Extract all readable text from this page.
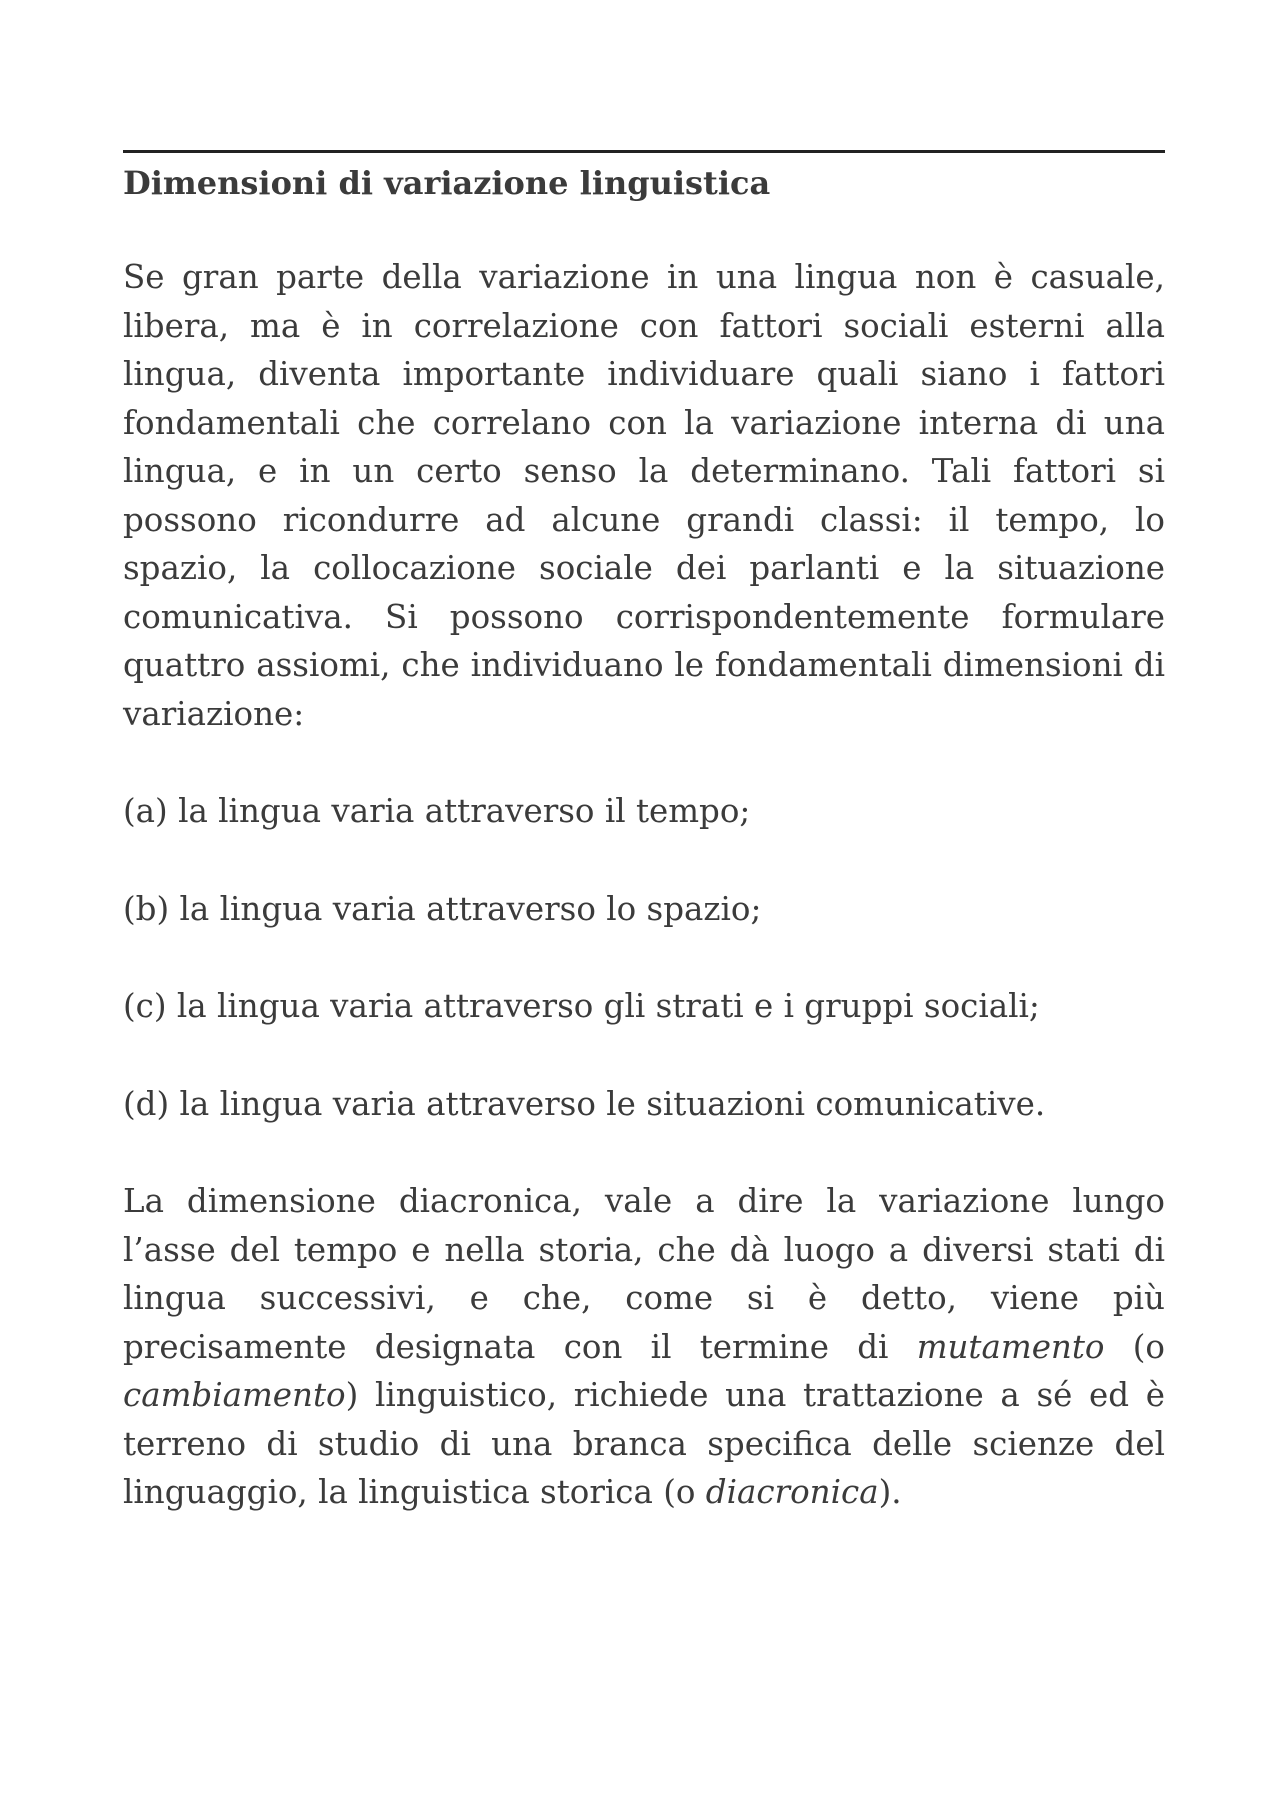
Dimensioni di variazione linguistica

Se gran parte della variazione in una lingua non è casuale, libera, ma è in correlazione con fattori sociali esterni alla lingua, diventa importante individuare quali siano i fattori fondamentali che correlano con la variazione interna di una lingua, e in un certo senso la determinano. Tali fattori si possono ricondurre ad alcune grandi classi: il tempo, lo spazio, la collocazione sociale dei parlanti e la situazione comunicativa. Si possono corrispondentemente formulare quattro assiomi, che individuano le fondamentali dimensioni di variazione:

(a) la lingua varia attraverso il tempo;

(b) la lingua varia attraverso lo spazio;

(c) la lingua varia attraverso gli strati e i gruppi sociali;

(d) la lingua varia attraverso le situazioni comunicative.

La dimensione diacronica, vale a dire la variazione lungo l’asse del tempo e nella storia, che dà luogo a diversi stati di lingua successivi, e che, come si è detto, viene più precisamente designata con il termine di mutamento (o cambiamento) linguistico, richiede una trattazione a sé ed è terreno di studio di una branca specifica delle scienze del linguaggio, la linguistica storica (o diacronica).
